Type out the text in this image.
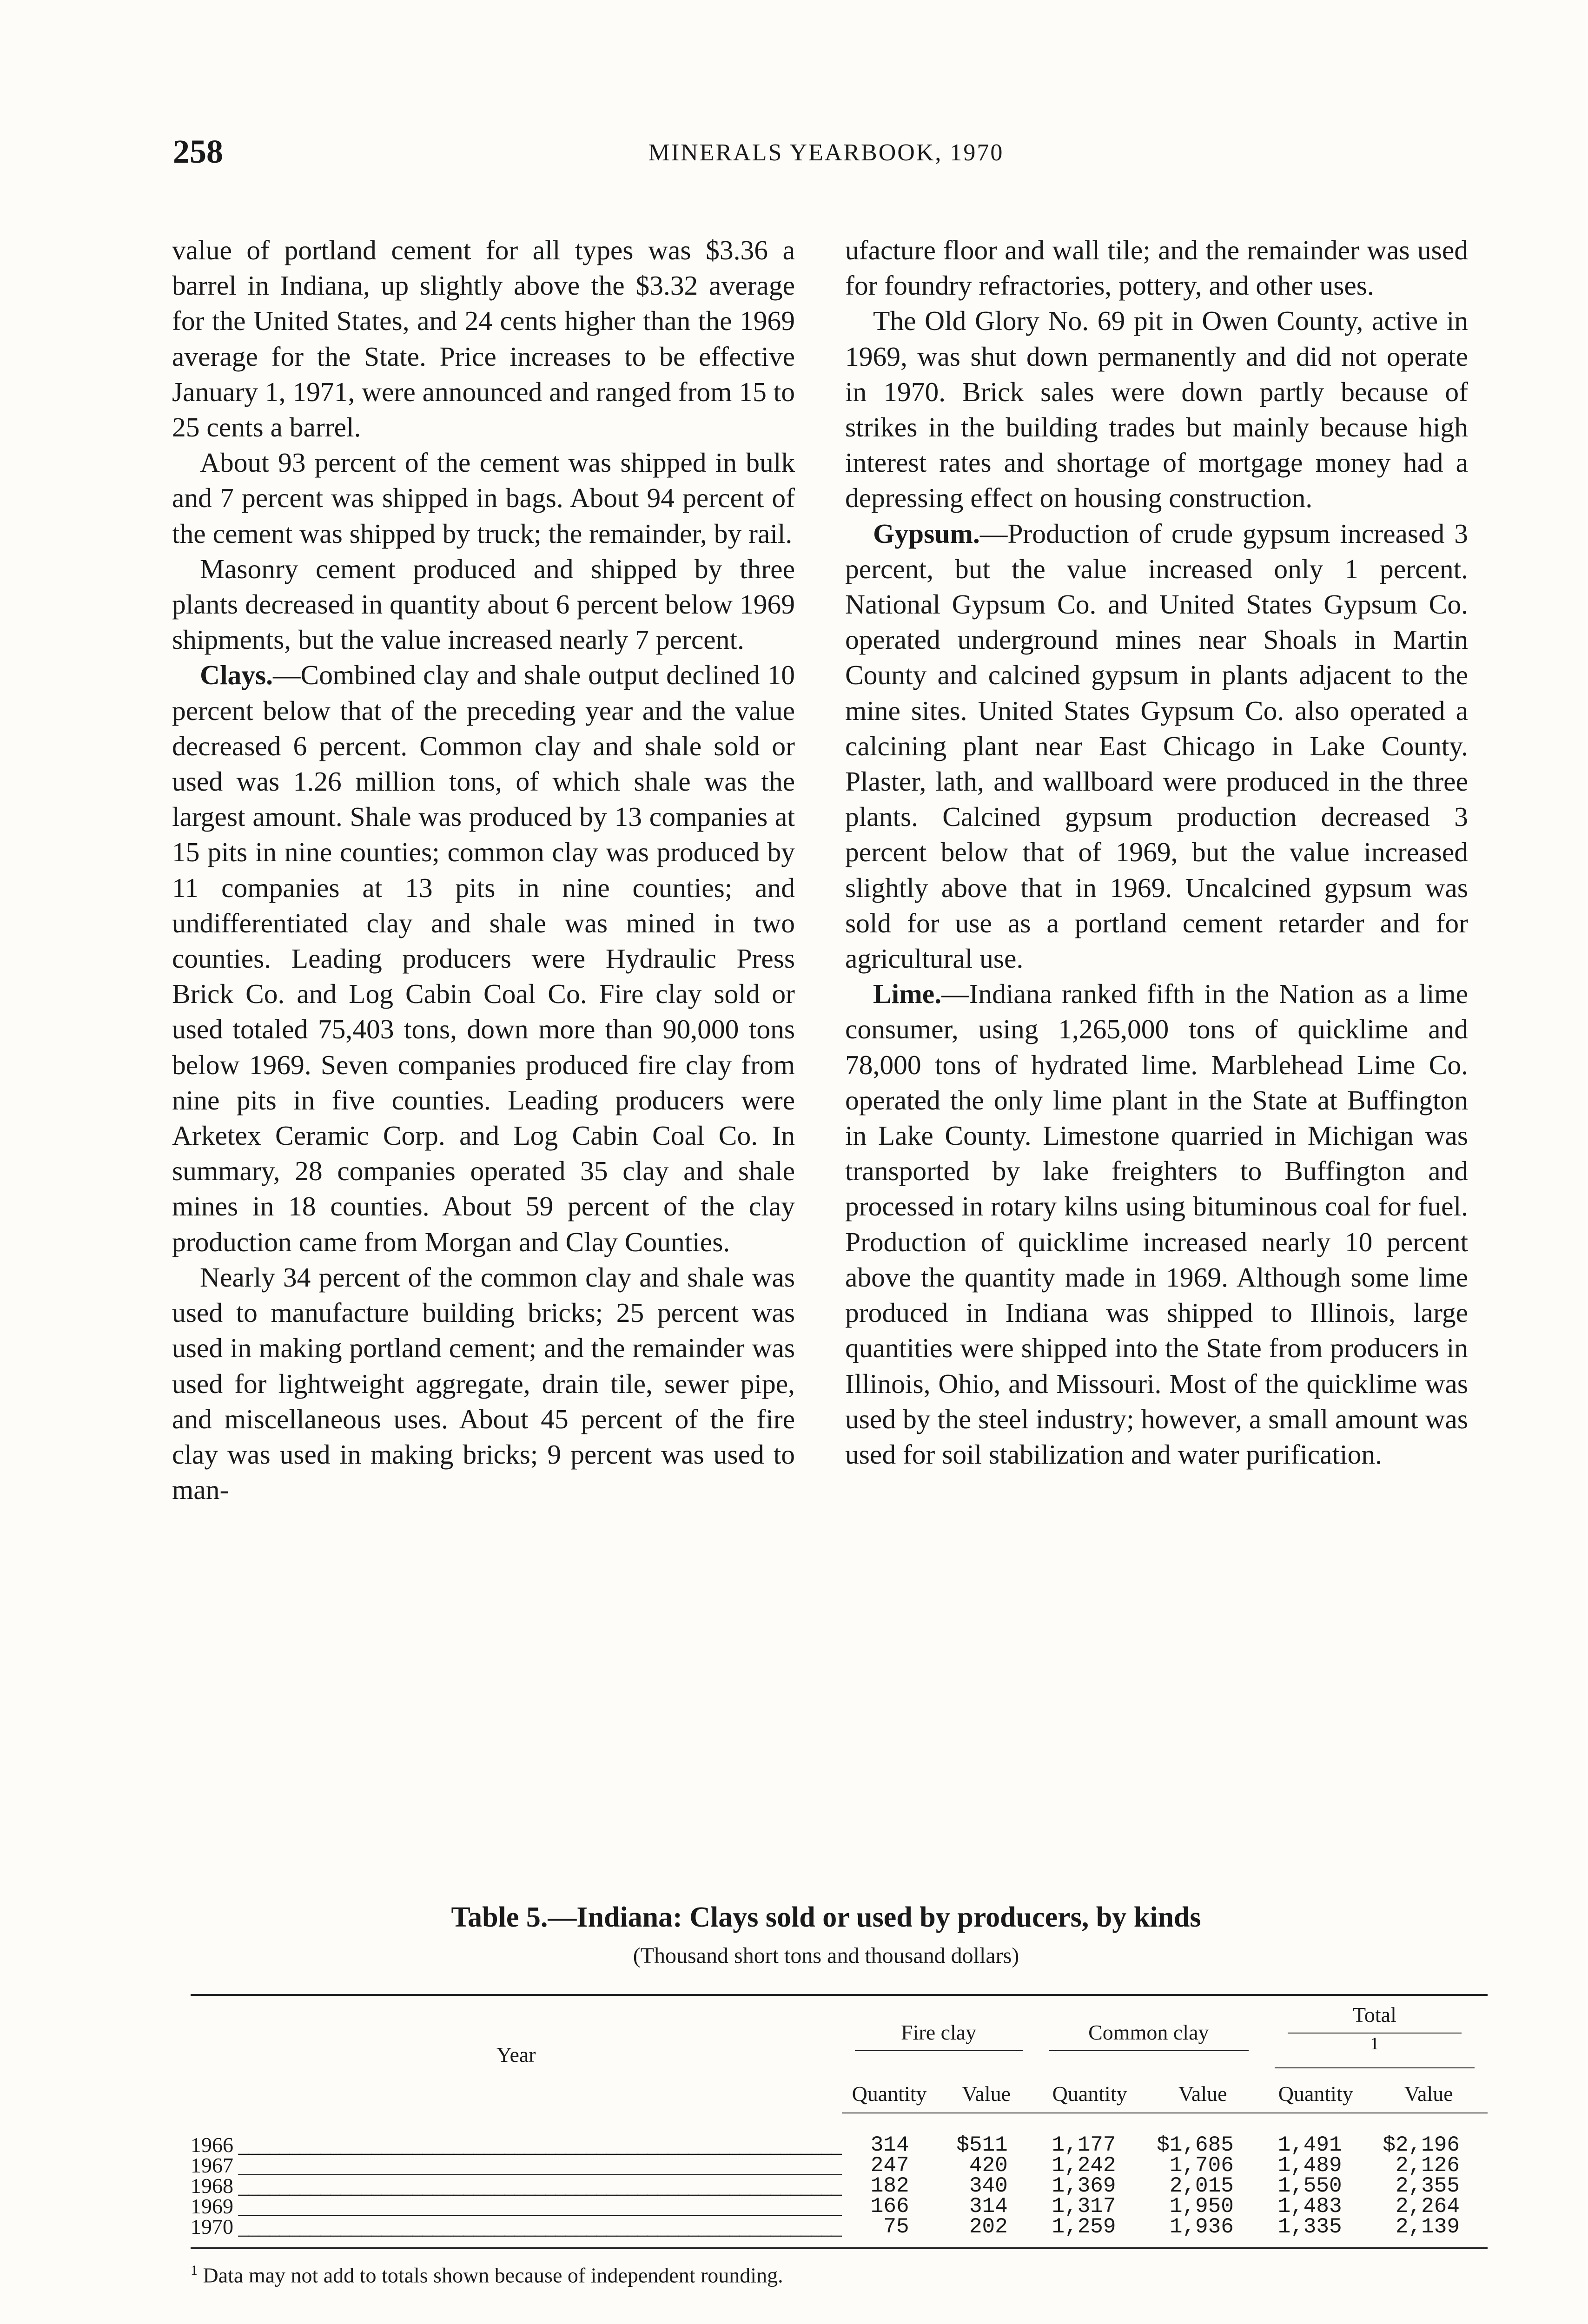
258	MINERALS YEARBOOK, 1970

value of portland cement for all types was $3.36 a barrel in Indiana, up slightly above the $3.32 average for the United States, and 24 cents higher than the 1969 average for the State. Price increases to be effective January 1, 1971, were announced and ranged from 15 to 25 cents a barrel.

About 93 percent of the cement was shipped in bulk and 7 percent was shipped in bags. About 94 percent of the cement was shipped by truck; the remainder, by rail.

Masonry cement produced and shipped by three plants decreased in quantity about 6 percent below 1969 shipments, but the value increased nearly 7 percent.

Clays.—Combined clay and shale output declined 10 percent below that of the preceding year and the value decreased 6 percent. Common clay and shale sold or used was 1.26 million tons, of which shale was the largest amount. Shale was produced by 13 companies at 15 pits in nine counties; common clay was produced by 11 companies at 13 pits in nine counties; and undifferentiated clay and shale was mined in two counties. Leading producers were Hydraulic Press Brick Co. and Log Cabin Coal Co. Fire clay sold or used totaled 75,403 tons, down more than 90,000 tons below 1969. Seven companies produced fire clay from nine pits in five counties. Leading producers were Arketex Ceramic Corp. and Log Cabin Coal Co. In summary, 28 companies operated 35 clay and shale mines in 18 counties. About 59 percent of the clay production came from Morgan and Clay Counties.

Nearly 34 percent of the common clay and shale was used to manufacture building bricks; 25 percent was used in making portland cement; and the remainder was used for lightweight aggregate, drain tile, sewer pipe, and miscellaneous uses. About 45 percent of the fire clay was used in making bricks; 9 percent was used to man-

ufacture floor and wall tile; and the remainder was used for foundry refractories, pottery, and other uses.

The Old Glory No. 69 pit in Owen County, active in 1969, was shut down permanently and did not operate in 1970. Brick sales were down partly because of strikes in the building trades but mainly because high interest rates and shortage of mortgage money had a depressing effect on housing construction.

Gypsum.—Production of crude gypsum increased 3 percent, but the value increased only 1 percent. National Gypsum Co. and United States Gypsum Co. operated underground mines near Shoals in Martin County and calcined gypsum in plants adjacent to the mine sites. United States Gypsum Co. also operated a calcining plant near East Chicago in Lake County. Plaster, lath, and wallboard were produced in the three plants. Calcined gypsum production decreased 3 percent below that of 1969, but the value increased slightly above that in 1969. Uncalcined gypsum was sold for use as a portland cement retarder and for agricultural use.

Lime.—Indiana ranked fifth in the Nation as a lime consumer, using 1,265,000 tons of quicklime and 78,000 tons of hydrated lime. Marblehead Lime Co. operated the only lime plant in the State at Buffington in Lake County. Limestone quarried in Michigan was transported by lake freighters to Buffington and processed in rotary kilns using bituminous coal for fuel. Production of quicklime increased nearly 10 percent above the quantity made in 1969. Although some lime produced in Indiana was shipped to Illinois, large quantities were shipped into the State from producers in Illinois, Ohio, and Missouri. Most of the quicklime was used by the steel industry; however, a small amount was used for soil stabilization and water purification.

Table 5.—Indiana: Clays sold or used by producers, by kinds
(Thousand short tons and thousand dollars)
Year	Fire clay		Common clay		Total
$^1$

	Quantity	Value	Quantity	Value	Quantity	Value
1966 _____	314	$511	1,177	$1,685	1,491	$2,196
1967 _____	247	420	1,242	1,706	1,489	2,126
1968 _____	182	340	1,369	2,015	1,550	2,355
1969 _____	166	314	1,317	1,950	1,483	2,264
1970 _____	75	202	1,259	1,936	1,335	2,139
$^1$ Data may not add to totals shown because of independent rounding.
